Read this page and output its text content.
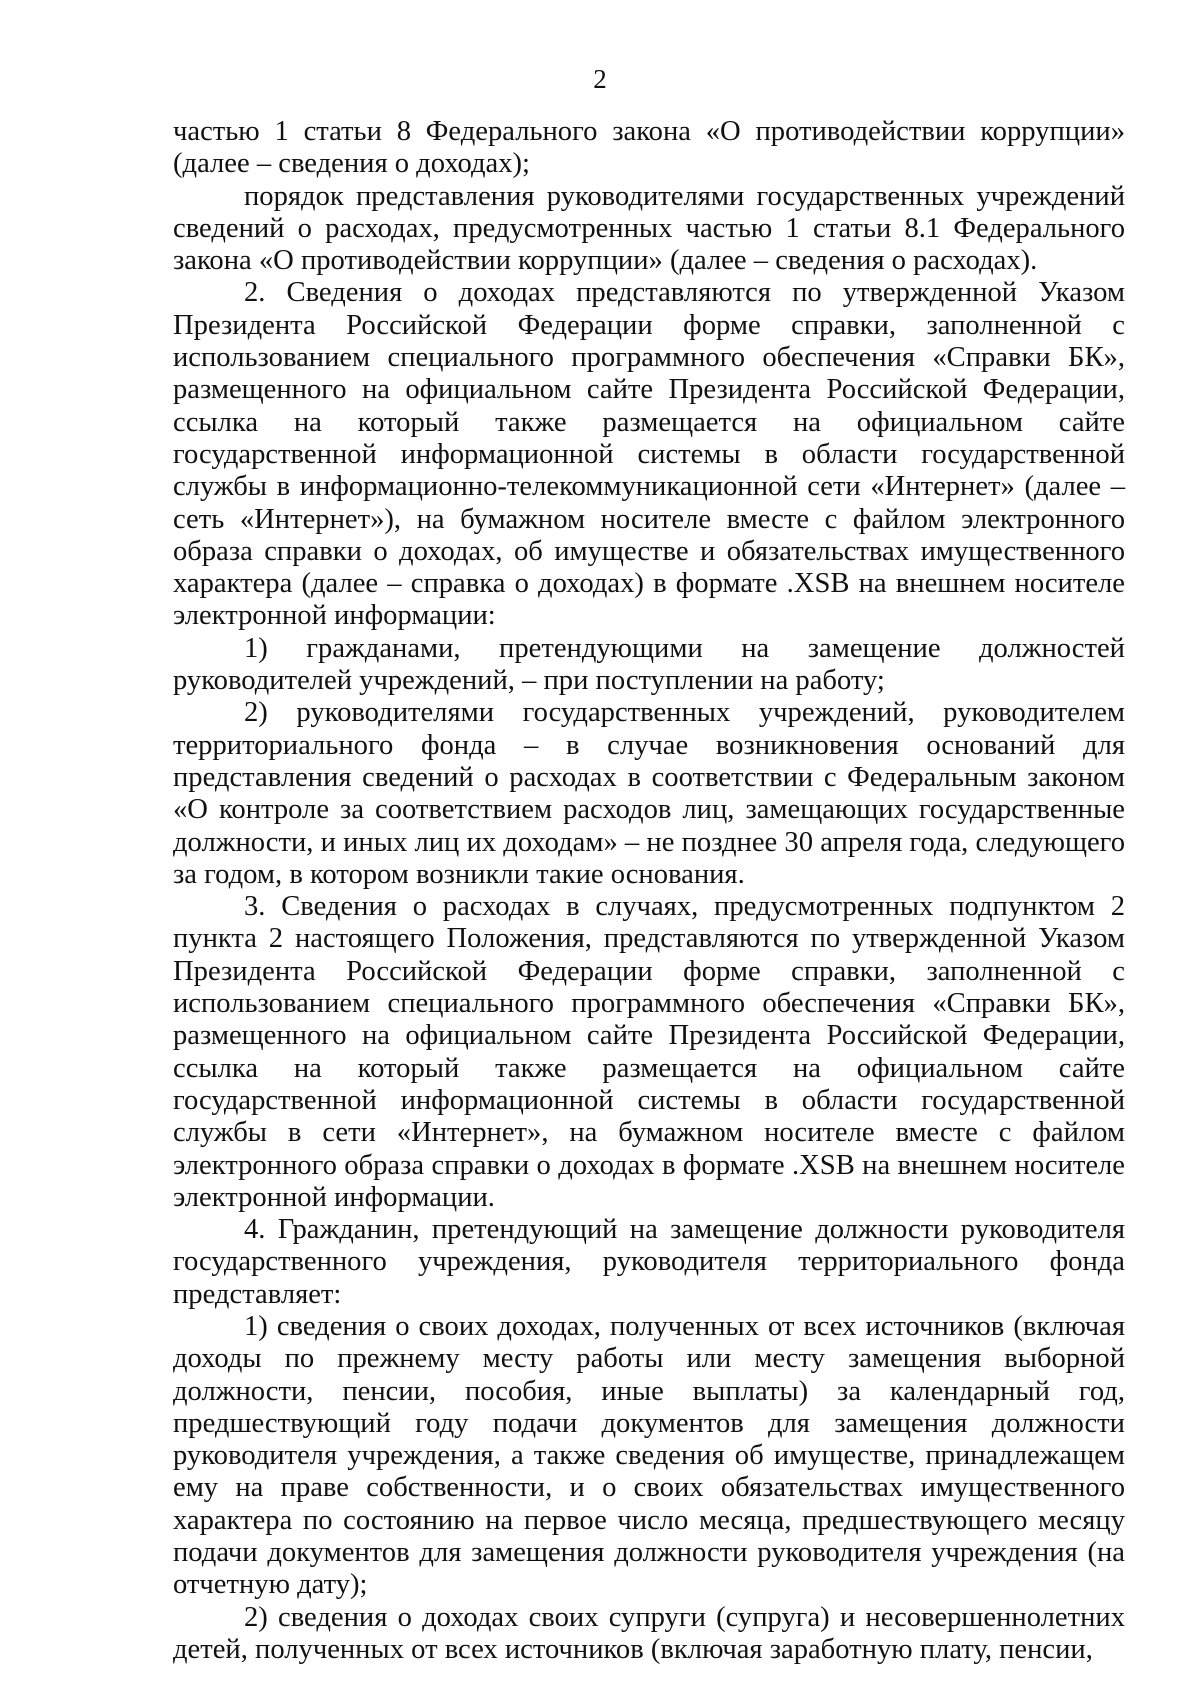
2

частью 1 статьи 8 Федерального закона «О противодействии коррупции» (далее – сведения о доходах);

порядок представления руководителями государственных учреждений сведений о расходах, предусмотренных частью 1 статьи 8.1 Федерального закона «О противодействии коррупции» (далее – сведения о расходах).

2. Сведения о доходах представляются по утвержденной Указом Президента Российской Федерации форме справки, заполненной с использованием специального программного обеспечения «Справки БК», размещенного на официальном сайте Президента Российской Федерации, ссылка на который также размещается на официальном сайте государственной информационной системы в области государственной службы в информационно-телекоммуникационной сети «Интернет» (далее – сеть «Интернет»), на бумажном носителе вместе с файлом электронного образа справки о доходах, об имуществе и обязательствах имущественного характера (далее – справка о доходах) в формате .XSB на внешнем носителе электронной информации:

1) гражданами, претендующими на замещение должностей руководителей учреждений, – при поступлении на работу;

2) руководителями государственных учреждений, руководителем территориального фонда – в случае возникновения оснований для представления сведений о расходах в соответствии с Федеральным законом «О контроле за соответствием расходов лиц, замещающих государственные должности, и иных лиц их доходам» – не позднее 30 апреля года, следующего за годом, в котором возникли такие основания.

3. Сведения о расходах в случаях, предусмотренных подпунктом 2 пункта 2 настоящего Положения, представляются по утвержденной Указом Президента Российской Федерации форме справки, заполненной с использованием специального программного обеспечения «Справки БК», размещенного на официальном сайте Президента Российской Федерации, ссылка на который также размещается на официальном сайте государственной информационной системы в области государственной службы в сети «Интернет», на бумажном носителе вместе с файлом электронного образа справки о доходах в формате .XSB на внешнем носителе электронной информации.

4. Гражданин, претендующий на замещение должности руководителя государственного учреждения, руководителя территориального фонда представляет:

1) сведения о своих доходах, полученных от всех источников (включая доходы по прежнему месту работы или месту замещения выборной должности, пенсии, пособия, иные выплаты) за календарный год, предшествующий году подачи документов для замещения должности руководителя учреждения, а также сведения об имуществе, принадлежащем ему на праве собственности, и о своих обязательствах имущественного характера по состоянию на первое число месяца, предшествующего месяцу подачи документов для замещения должности руководителя учреждения (на отчетную дату);

2) сведения о доходах своих супруги (супруга) и несовершеннолетних детей, полученных от всех источников (включая заработную плату, пенсии,
